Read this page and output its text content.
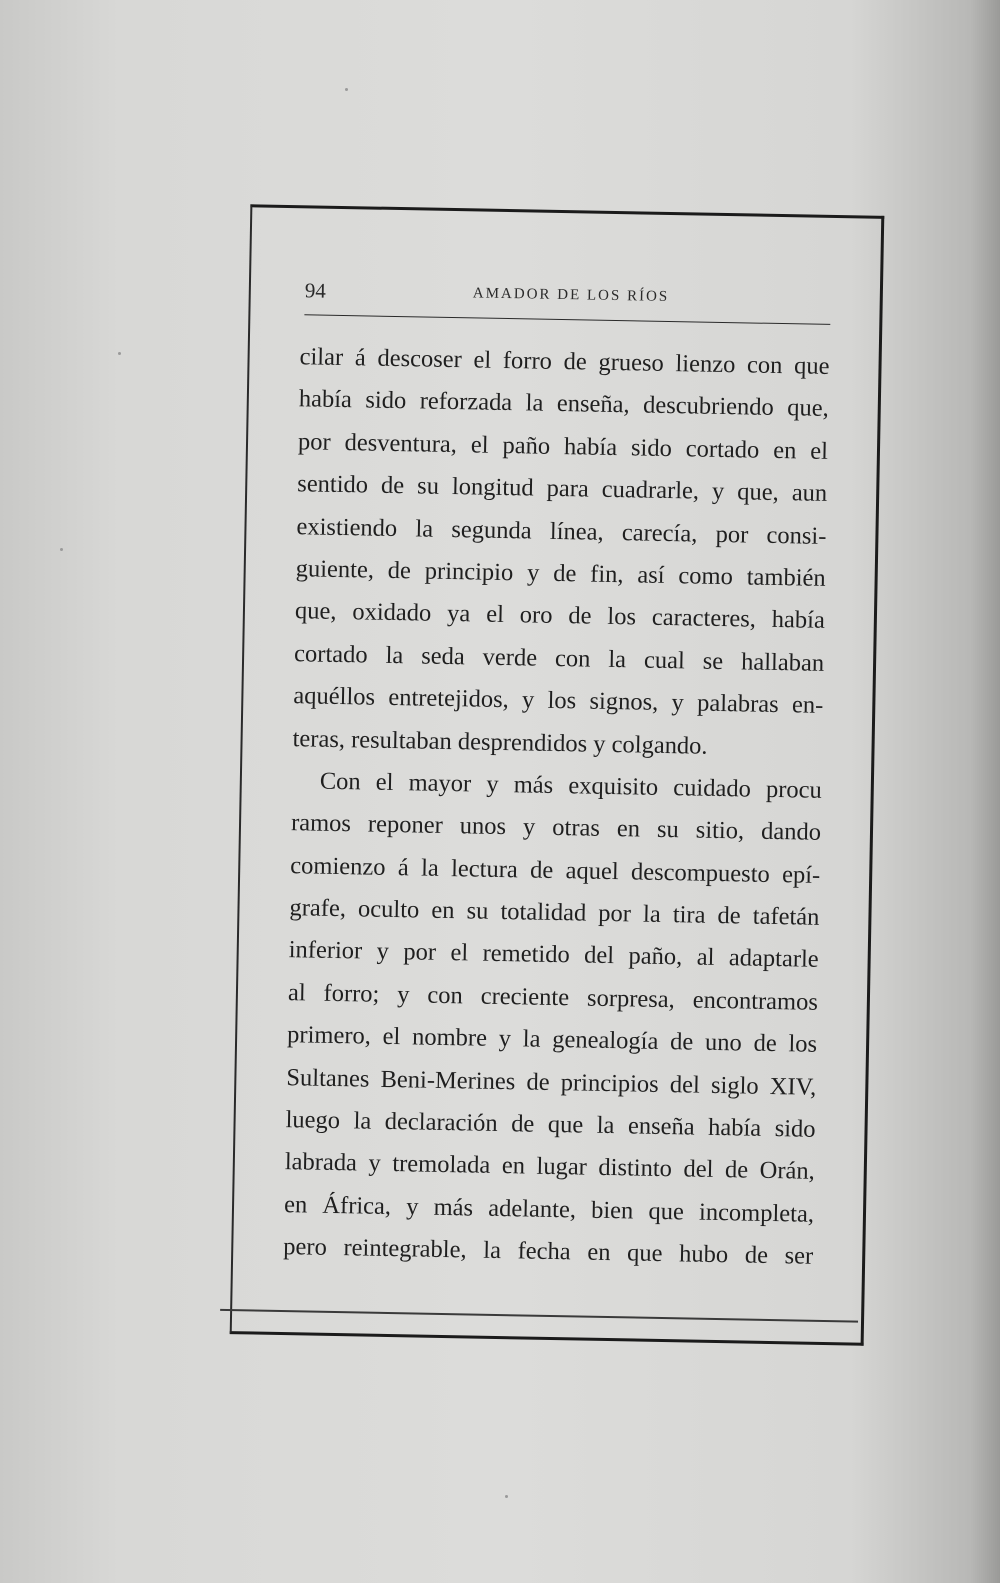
94	AMADOR DE LOS RÍOS
cilar á descoser el forro de grueso lienzo con que
había sido reforzada la enseña, descubriendo que,
por desventura, el paño había sido cortado en el
sentido de su longitud para cuadrarle, y que, aun
existiendo la segunda línea, carecía, por consi-
guiente, de principio y de fin, así como también
que, oxidado ya el oro de los caracteres, había
cortado la seda verde con la cual se hallaban
aquéllos entretejidos, y los signos, y palabras en-
teras, resultaban desprendidos y colgando.
Con el mayor y más exquisito cuidado procu
ramos reponer unos y otras en su sitio, dando
comienzo á la lectura de aquel descompuesto epí-
grafe, oculto en su totalidad por la tira de tafetán
inferior y por el remetido del paño, al adaptarle
al forro; y con creciente sorpresa, encontramos
primero, el nombre y la genealogía de uno de los
Sultanes Beni-Merines de principios del siglo XIV,
luego la declaración de que la enseña había sido
labrada y tremolada en lugar distinto del de Orán,
en África, y más adelante, bien que incompleta,
pero reintegrable, la fecha en que hubo de ser
